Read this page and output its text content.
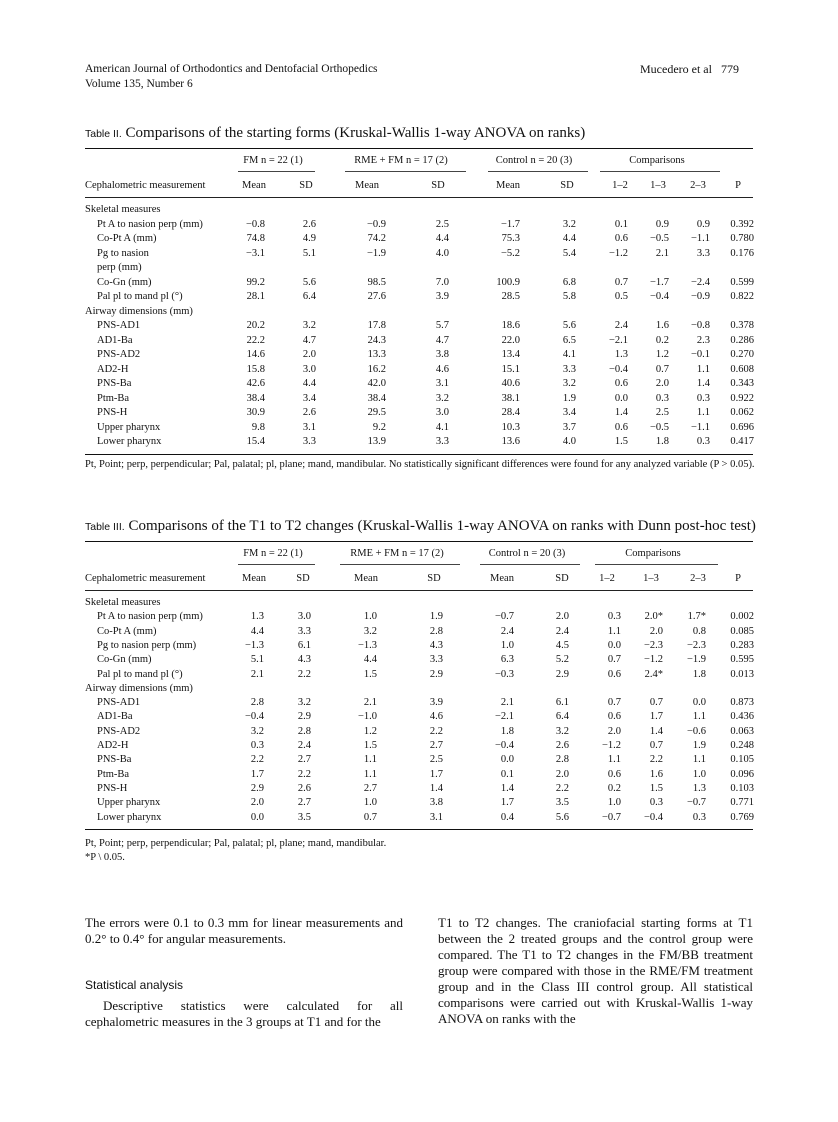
American Journal of Orthodontics and Dentofacial Orthopedics
Volume 135, Number 6
Mucedero et al 779
Table II. Comparisons of the starting forms (Kruskal-Wallis 1-way ANOVA on ranks)
FM n = 22 (1)	RME + FM n = 17 (2)	Control n = 20 (3)	Comparisons
Cephalometric measurement	Mean	SD	Mean	SD	Mean	SD	1–2	1–3	2–3	P
Skeletal measures
Pt A to nasion perp (mm)	−0.8	2.6	−0.9	2.5	−1.7	3.2	0.1	0.9	0.9	0.392
Co-Pt A (mm)	74.8	4.9	74.2	4.4	75.3	4.4	0.6	−0.5	−1.1	0.780
Pg to nasion	−3.1	5.1	−1.9	4.0	−5.2	5.4	−1.2	2.1	3.3	0.176
perp (mm)
Co-Gn (mm)	99.2	5.6	98.5	7.0	100.9	6.8	0.7	−1.7	−2.4	0.599
Pal pl to mand pl (°)	28.1	6.4	27.6	3.9	28.5	5.8	0.5	−0.4	−0.9	0.822
Airway dimensions (mm)
PNS-AD1	20.2	3.2	17.8	5.7	18.6	5.6	2.4	1.6	−0.8	0.378
AD1-Ba	22.2	4.7	24.3	4.7	22.0	6.5	−2.1	0.2	2.3	0.286
PNS-AD2	14.6	2.0	13.3	3.8	13.4	4.1	1.3	1.2	−0.1	0.270
AD2-H	15.8	3.0	16.2	4.6	15.1	3.3	−0.4	0.7	1.1	0.608
PNS-Ba	42.6	4.4	42.0	3.1	40.6	3.2	0.6	2.0	1.4	0.343
Ptm-Ba	38.4	3.4	38.4	3.2	38.1	1.9	0.0	0.3	0.3	0.922
PNS-H	30.9	2.6	29.5	3.0	28.4	3.4	1.4	2.5	1.1	0.062
Upper pharynx	9.8	3.1	9.2	4.1	10.3	3.7	0.6	−0.5	−1.1	0.696
Lower pharynx	15.4	3.3	13.9	3.3	13.6	4.0	1.5	1.8	0.3	0.417
Pt, Point; perp, perpendicular; Pal, palatal; pl, plane; mand, mandibular. No statistically significant differences were found for any analyzed variable (P > 0.05).
Table III. Comparisons of the T1 to T2 changes (Kruskal-Wallis 1-way ANOVA on ranks with Dunn post-hoc test)
FM n = 22 (1)	RME + FM n = 17 (2)	Control n = 20 (3)	Comparisons
Cephalometric measurement	Mean	SD	Mean	SD	Mean	SD	1–2	1–3	2–3	P
Skeletal measures
Pt A to nasion perp (mm)	1.3	3.0	1.0	1.9	−0.7	2.0	0.3	2.0*	1.7*	0.002
Co-Pt A (mm)	4.4	3.3	3.2	2.8	2.4	2.4	1.1	2.0	0.8	0.085
Pg to nasion perp (mm)	−1.3	6.1	−1.3	4.3	1.0	4.5	0.0	−2.3	−2.3	0.283
Co-Gn (mm)	5.1	4.3	4.4	3.3	6.3	5.2	0.7	−1.2	−1.9	0.595
Pal pl to mand pl (°)	2.1	2.2	1.5	2.9	−0.3	2.9	0.6	2.4*	1.8	0.013
Airway dimensions (mm)
PNS-AD1	2.8	3.2	2.1	3.9	2.1	6.1	0.7	0.7	0.0	0.873
AD1-Ba	−0.4	2.9	−1.0	4.6	−2.1	6.4	0.6	1.7	1.1	0.436
PNS-AD2	3.2	2.8	1.2	2.2	1.8	3.2	2.0	1.4	−0.6	0.063
AD2-H	0.3	2.4	1.5	2.7	−0.4	2.6	−1.2	0.7	1.9	0.248
PNS-Ba	2.2	2.7	1.1	2.5	0.0	2.8	1.1	2.2	1.1	0.105
Ptm-Ba	1.7	2.2	1.1	1.7	0.1	2.0	0.6	1.6	1.0	0.096
PNS-H	2.9	2.6	2.7	1.4	1.4	2.2	0.2	1.5	1.3	0.103
Upper pharynx	2.0	2.7	1.0	3.8	1.7	3.5	1.0	0.3	−0.7	0.771
Lower pharynx	0.0	3.5	0.7	3.1	0.4	5.6	−0.7	−0.4	0.3	0.769
Pt, Point; perp, perpendicular; Pal, palatal; pl, plane; mand, mandibular.
*P \ 0.05.
The errors were 0.1 to 0.3 mm for linear measurements and 0.2° to 0.4° for angular measurements.
Statistical analysis
Descriptive statistics were calculated for all cephalometric measures in the 3 groups at T1 and for the
T1 to T2 changes. The craniofacial starting forms at T1 between the 2 treated groups and the control group were compared. The T1 to T2 changes in the FM/BB treatment group were compared with those in the RME/FM treatment group and in the Class III control group. All statistical comparisons were carried out with Kruskal-Wallis 1-way ANOVA on ranks with the
